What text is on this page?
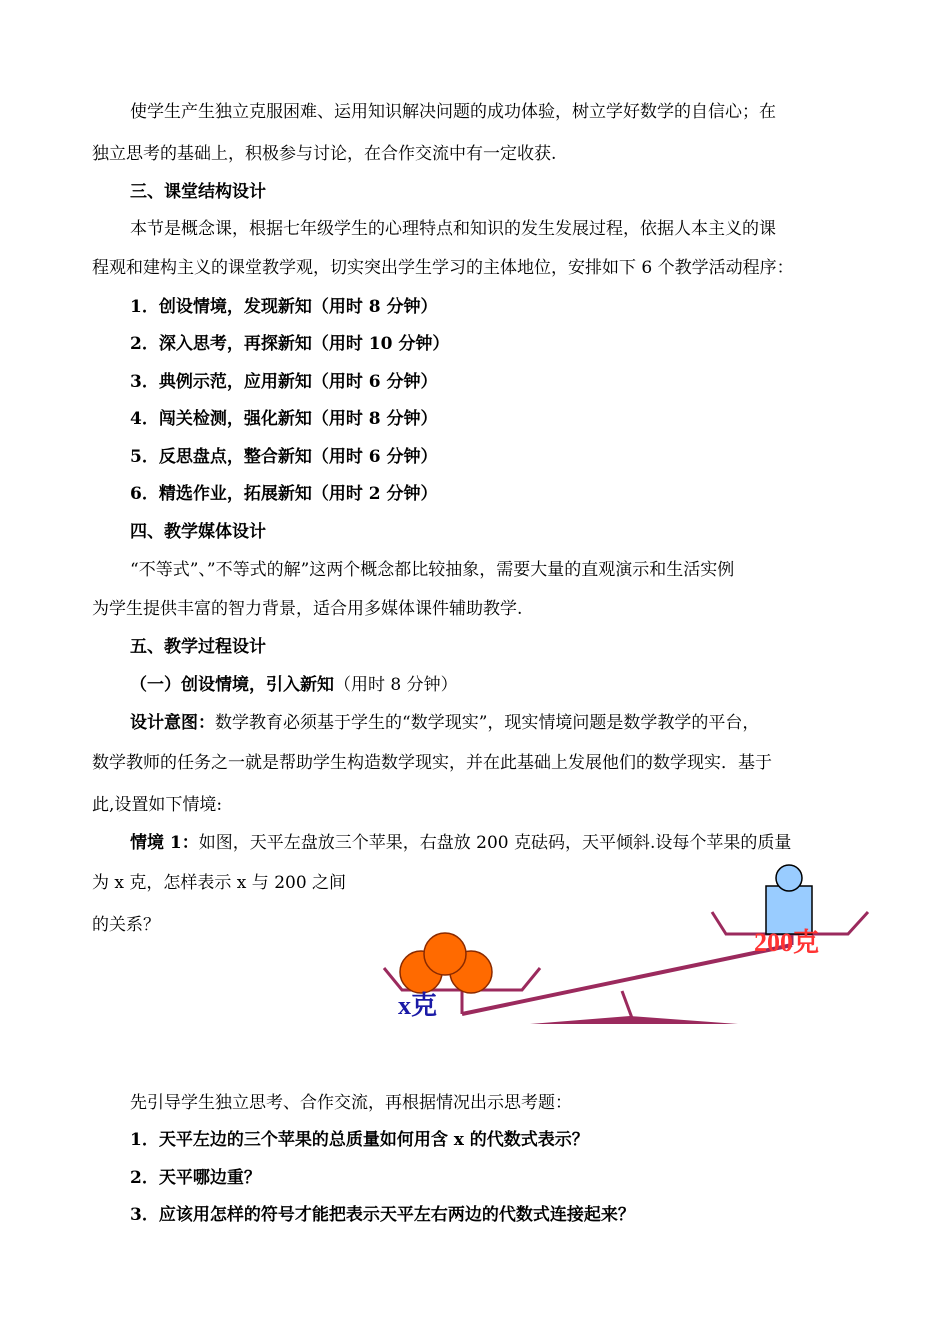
使学生产生独立克服困难、运用知识解决问题的成功体验，树立学好数学的自信心；在
独立思考的基础上，积极参与讨论，在合作交流中有一定收获.
三、课堂结构设计
本节是概念课，根据七年级学生的心理特点和知识的发生发展过程，依据人本主义的课
程观和建构主义的课堂教学观，切实突出学生学习的主体地位，安排如下 6 个教学活动程序：
1．创设情境，发现新知（用时 8 分钟）
2．深入思考，再探新知（用时 10 分钟）
3．典例示范，应用新知（用时 6 分钟）
4．闯关检测，强化新知（用时 8 分钟）
5．反思盘点，整合新知（用时 6 分钟）
6．精选作业，拓展新知（用时 2 分钟）
四、教学媒体设计
“不等式”、”不等式的解”这两个概念都比较抽象，需要大量的直观演示和生活实例
为学生提供丰富的智力背景，适合用多媒体课件辅助教学.
五、教学过程设计
（一）创设情境，引入新知（用时 8 分钟）
设计意图：数学教育必须基于学生的“数学现实”，现实情境问题是数学教学的平台，
数学教师的任务之一就是帮助学生构造数学现实，并在此基础上发展他们的数学现实．基于
此,设置如下情境:
情境 1：如图，天平左盘放三个苹果，右盘放 200 克砝码，天平倾斜.设每个苹果的质量
为 x 克，怎样表示 x 与 200 之间
的关系？
x克
200克
先引导学生独立思考、合作交流，再根据情况出示思考题：
1．天平左边的三个苹果的总质量如何用含 x 的代数式表示？
2．天平哪边重？
3．应该用怎样的符号才能把表示天平左右两边的代数式连接起来？
